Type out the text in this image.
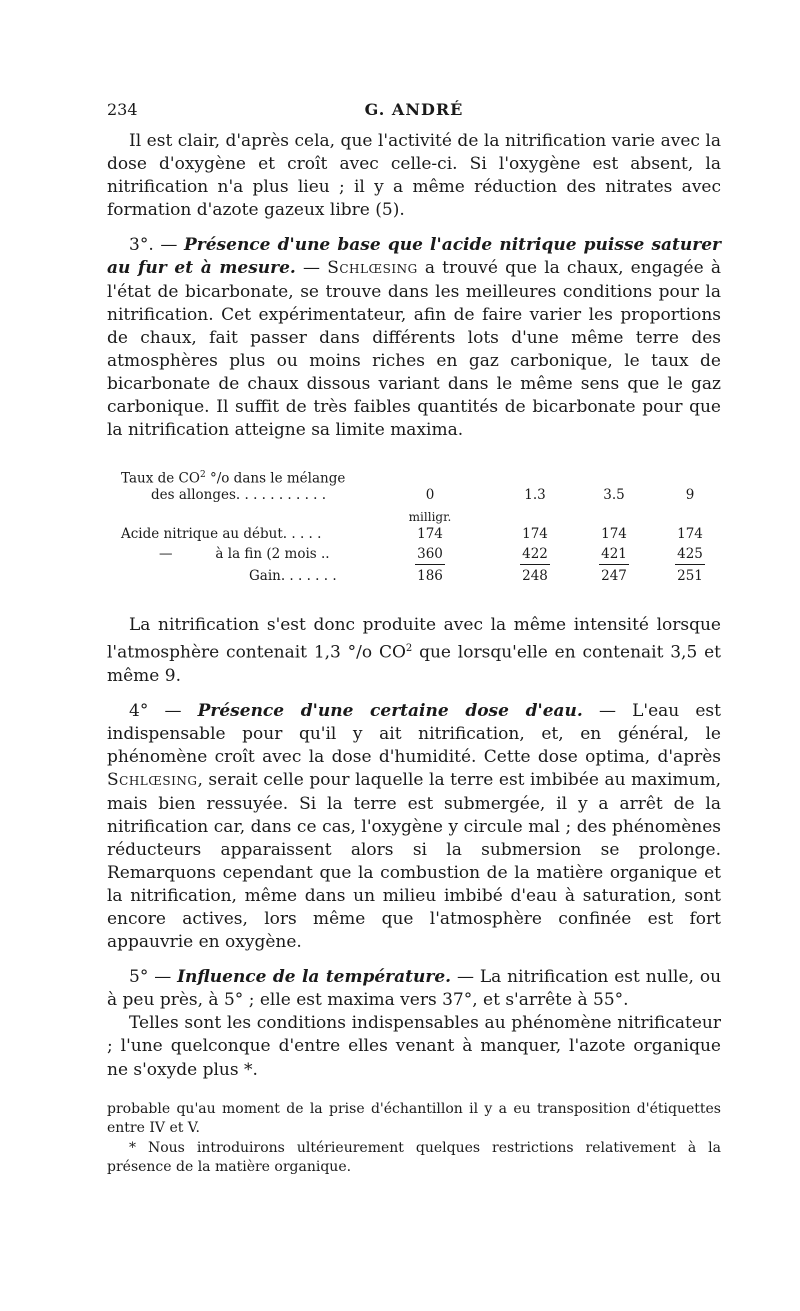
234	G. ANDRÉ

Il est clair, d'après cela, que l'activité de la nitrification varie avec la dose d'oxygène et croît avec celle-ci. Si l'oxygène est absent, la nitrification n'a plus lieu ; il y a même réduction des nitrates avec formation d'azote gazeux libre (5).

3°. — Présence d'une base que l'acide nitrique puisse saturer au fur et à mesure. — Schlœsing a trouvé que la chaux, engagée à l'état de bicarbonate, se trouve dans les meilleures conditions pour la nitrification. Cet expérimentateur, afin de faire varier les proportions de chaux, fait passer dans différents lots d'une même terre des atmosphères plus ou moins riches en gaz carbonique, le taux de bicarbonate de chaux dissous variant dans le même sens que le gaz carbonique. Il suffit de très faibles quantités de bicarbonate pour que la nitrification atteigne sa limite maxima.

Taux de $CO^2$ °/o dans le mélange
des allonges. . . . . . . . . . .	0	1.3	3.5	9
milligr.
Acide nitrique au début. . . . .	174	174	174	174
—          à la fin (2 mois ..	360	422	421	425
Gain. . . . . . .	186	248	247	251

La nitrification s'est donc produite avec la même intensité lorsque l'atmosphère contenait 1,3 °/o $CO^2$ que lorsqu'elle en contenait 3,5 et même 9.

4° — Présence d'une certaine dose d'eau. — L'eau est indispensable pour qu'il y ait nitrification, et, en général, le phénomène croît avec la dose d'humidité. Cette dose optima, d'après Schlœsing, serait celle pour laquelle la terre est imbibée au maximum, mais bien ressuyée. Si la terre est submergée, il y a arrêt de la nitrification car, dans ce cas, l'oxygène y circule mal ; des phénomènes réducteurs apparaissent alors si la submersion se prolonge. Remarquons cependant que la combustion de la matière organique et la nitrification, même dans un milieu imbibé d'eau à saturation, sont encore actives, lors même que l'atmosphère confinée est fort appauvrie en oxygène.

5° — Influence de la température. — La nitrification est nulle, ou à peu près, à 5° ; elle est maxima vers 37°, et s'arrête à 55°.

Telles sont les conditions indispensables au phénomène nitrificateur ; l'une quelconque d'entre elles venant à manquer, l'azote organique ne s'oxyde plus *.

probable qu'au moment de la prise d'échantillon il y a eu transposition d'étiquettes entre IV et V.

* Nous introduirons ultérieurement quelques restrictions relativement à la présence de la matière organique.
